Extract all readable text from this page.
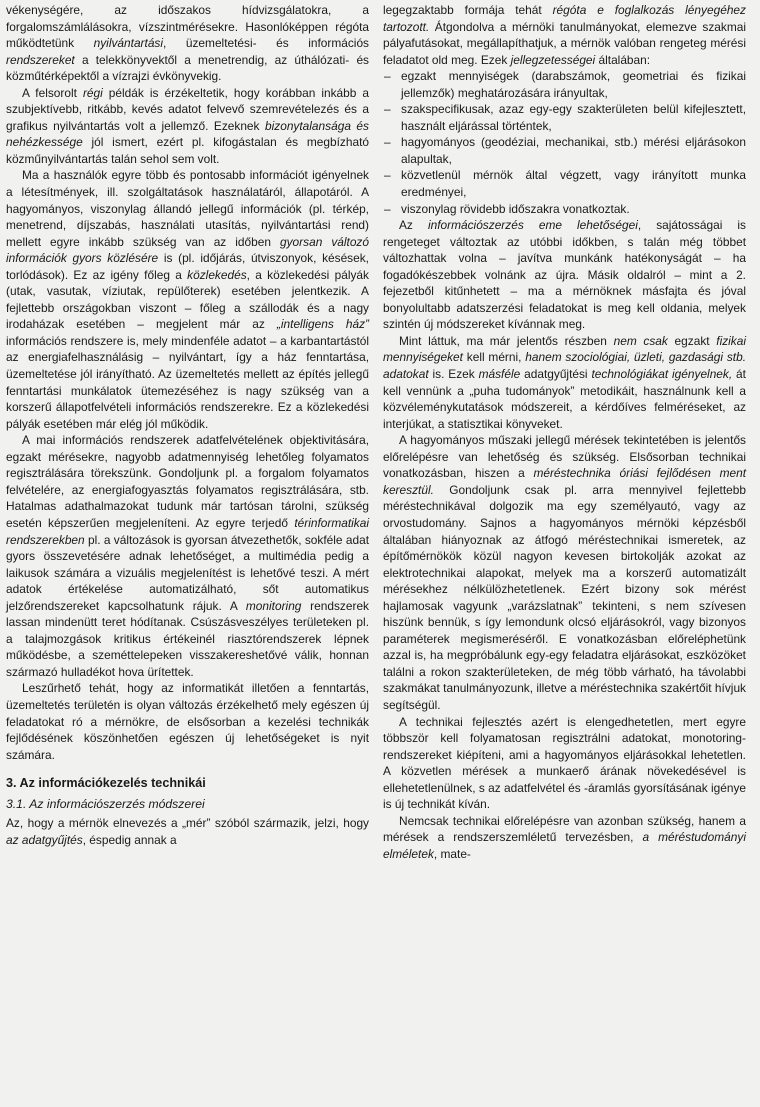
vékenységére, az időszakos hídvizsgálatokra, a forgalomszámlálásokra, vízszintmérésekre. Hasonlóképpen régóta működtetünk nyilvántartási, üzemeltetési- és információs rendszereket a telekkönyvektől a menetrendig, az úthálózati- és közműtérképektől a vízrajzi évkönyvekig.

A felsorolt régi példák is érzékeltetik, hogy korábban inkább a szubjektívebb, ritkább, kevés adatot felvevő szemrevételezés és a grafikus nyilvántartás volt a jellemző. Ezeknek bizonytalansága és nehézkessége jól ismert, ezért pl. kifogástalan és megbízható közműnyilvántartás talán sehol sem volt.

Ma a használók egyre több és pontosabb információt igényelnek a létesítmények, ill. szolgáltatások használatáról, állapotáról. A hagyományos, viszonylag állandó jellegű információk (pl. térkép, menetrend, díjszabás, használati utasítás, nyilvántartási rend) mellett egyre inkább szükség van az időben gyorsan változó információk gyors közlésére is (pl. időjárás, útviszonyok, késések, torlódások). Ez az igény főleg a közlekedés, a közlekedési pályák (utak, vasutak, víziutak, repülőterek) esetében jelentkezik. A fejlettebb országokban viszont – főleg a szállodák és a nagy irodaházak esetében – megjelent már az „intelligens ház” információs rendszere is, mely mindenféle adatot – a karbantartástól az energiafelhasználásig – nyilvántart, így a ház fenntartása, üzemeltetése jól irányítható. Az üzemeltetés mellett az építés jellegű fenntartási munkálatok ütemezéséhez is nagy szükség van a korszerű állapotfelvételi információs rendszerekre. Ez a közlekedési pályák esetében már elég jól működik.

A mai információs rendszerek adatfelvételének objektivitására, egzakt mérésekre, nagyobb adatmennyiség lehetőleg folyamatos regisztrálására törekszünk. Gondoljunk pl. a forgalom folyamatos felvételére, az energiafogyasztás folyamatos regisztrálására, stb. Hatalmas adathalmazokat tudunk már tartósan tárolni, szükség esetén képszerűen megjeleníteni. Az egyre terjedő térinformatikai rendszerekben pl. a változások is gyorsan átvezethetők, sokféle adat gyors összevetésére adnak lehetőséget, a multimédia pedig a laikusok számára a vizuális megjelenítést is lehetővé teszi. A mért adatok értékelése automatizálható, sőt automatikus jelzőrendszereket kapcsolhatunk rájuk. A monitoring rendszerek lassan mindenütt teret hódítanak. Csúszásveszélyes területeken pl. a talajmozgások kritikus értékeinél riasztórendszerek lépnek működésbe, a szeméttelepeken visszakereshetővé válik, honnan származó hulladékot hova ürítettek.

Leszűrhető tehát, hogy az informatikát illetően a fenntartás, üzemeltetés területén is olyan változás érzékelhető mely egészen új feladatokat ró a mérnökre, de elsősorban a kezelési technikák fejlődésének köszönhetően egészen új lehetőségeket is nyit számára.

3. Az információkezelés technikái
3.1. Az információszerzés módszerei

Az, hogy a mérnök elnevezés a „mér” szóból származik, jelzi, hogy az adatgyűjtés, éspedig annak a

legegzaktabb formája tehát régóta e foglalkozás lényegéhez tartozott. Átgondolva a mérnöki tanulmányokat, elemezve szakmai pályafutásokat, megállapíthatjuk, a mérnök valóban rengeteg mérési feladatot old meg. Ezek jellegzetességei általában:

– egzakt mennyiségek (darabszámok, geometriai és fizikai jellemzők) meghatározására irányultak,
– szakspecifikusak, azaz egy-egy szakterületen belül kifejlesztett, használt eljárással történtek,
– hagyományos (geodéziai, mechanikai, stb.) mérési eljárásokon alapultak,
– közvetlenül mérnök által végzett, vagy irányított munka eredményei,
– viszonylag rövidebb időszakra vonatkoztak.

Az információszerzés eme lehetőségei, sajátosságai is rengeteget változtak az utóbbi időkben, s talán még többet változhattak volna – javítva munkánk hatékonyságát – ha fogadókészebbek volnánk az újra. Másik oldalról – mint a 2. fejezetből kitűnhetett – ma a mérnöknek másfajta és jóval bonyolultabb adatszerzési feladatokat is meg kell oldania, melyek szintén új módszereket kívánnak meg.

Mint láttuk, ma már jelentős részben nem csak egzakt fizikai mennyiségeket kell mérni, hanem szociológiai, üzleti, gazdasági stb. adatokat is. Ezek másféle adatgyűjtési technológiákat igényelnek, át kell vennünk a „puha tudományok” metodikáit, használnunk kell a közvéleménykutatások módszereit, a kérdőíves felméréseket, az interjúkat, a statisztikai könyveket.

A hagyományos műszaki jellegű mérések tekintetében is jelentős előrelépésre van lehetőség és szükség. Elsősorban technikai vonatkozásban, hiszen a méréstechnika óriási fejlődésen ment keresztül. Gondoljunk csak pl. arra mennyivel fejlettebb méréstechnikával dolgozik ma egy személyautó, vagy az orvostudomány. Sajnos a hagyományos mérnöki képzésből általában hiányoznak az átfogó méréstechnikai ismeretek, az építőmérnökök közül nagyon kevesen birtokolják azokat az elektrotechnikai alapokat, melyek ma a korszerű automatizált mérésekhez nélkülözhetetlenek. Ezért bizony sok mérést hajlamosak vagyunk „varázslatnak” tekinteni, s nem szívesen hiszünk bennük, s így lemondunk olcsó eljárásokról, vagy bizonyos paraméterek megismeréséről. E vonatkozásban előreléphetünk azzal is, ha megpróbálunk egy-egy feladatra eljárásokat, eszközöket találni a rokon szakterületeken, de még több várható, ha távolabbi szakmákat tanulmányozunk, illetve a méréstechnika szakértőit hívjuk segítségül.

A technikai fejlesztés azért is elengedhetetlen, mert egyre többször kell folyamatosan regisztrálni adatokat, monotoring-rendszereket kiépíteni, ami a hagyományos eljárásokkal lehetetlen. A közvetlen mérések a munkaerő árának növekedésével is ellehetetlenülnek, s az adatfelvétel és -áramlás gyorsításának igénye is új technikát kíván.

Nemcsak technikai előrelépésre van azonban szükség, hanem a mérések a rendszerszemléletű tervezésben, a méréstudományi elméletek, mate-
